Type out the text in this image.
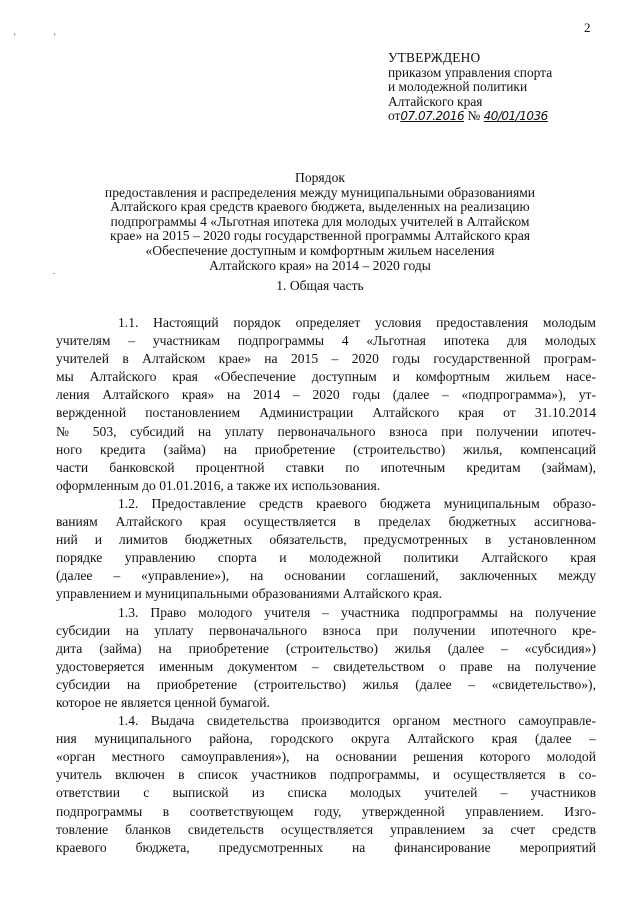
2
'	'
.
УТВЕРЖДЕНО
приказом управления спорта
и молодежной политики
Алтайского края
от07.07.2016 № 40/01/1036
Порядок
предоставления и распределения между муниципальными образованиями
Алтайского края средств краевого бюджета, выделенных на реализацию
подпрограммы 4 «Льготная ипотека для молодых учителей в Алтайском
крае» на 2015 – 2020 годы государственной программы Алтайского края
«Обеспечение доступным и комфортным жильем населения
Алтайского края» на 2014 – 2020 годы
1. Общая часть
1.1. Настоящий порядок определяет условия предоставления молодым
учителям – участникам подпрограммы 4 «Льготная ипотека для молодых
учителей в Алтайском крае» на 2015 – 2020 годы государственной програм-
мы Алтайского края «Обеспечение доступным и комфортным жильем насе-
ления Алтайского края» на 2014 – 2020 годы (далее – «подпрограмма»), ут-
вержденной постановлением Администрации Алтайского края от 31.10.2014
№ 503, субсидий на уплату первоначального взноса при получении ипотеч-
ного кредита (займа) на приобретение (строительство) жилья, компенсаций
части банковской процентной ставки по ипотечным кредитам (займам),
оформленным до 01.01.2016, а также их использования.
1.2. Предоставление средств краевого бюджета муниципальным образо-
ваниям Алтайского края осуществляется в пределах бюджетных ассигнова-
ний и лимитов бюджетных обязательств, предусмотренных в установленном
порядке управлению спорта и молодежной политики Алтайского края
(далее – «управление»), на основании соглашений, заключенных между
управлением и муниципальными образованиями Алтайского края.
1.3. Право молодого учителя – участника подпрограммы на получение
субсидии на уплату первоначального взноса при получении ипотечного кре-
дита (займа) на приобретение (строительство) жилья (далее – «субсидия»)
удостоверяется именным документом – свидетельством о праве на получение
субсидии на приобретение (строительство) жилья (далее – «свидетельство»),
которое не является ценной бумагой.
1.4. Выдача свидетельства производится органом местного самоуправле-
ния муниципального района, городского округа Алтайского края (далее –
«орган местного самоуправления»), на основании решения которого молодой
учитель включен в список участников подпрограммы, и осуществляется в со-
ответствии с выпиской из списка молодых учителей – участников
подпрограммы в соответствующем году, утвержденной управлением. Изго-
товление бланков свидетельств осуществляется управлением за счет средств
краевого бюджета, предусмотренных на финансирование мероприятий
